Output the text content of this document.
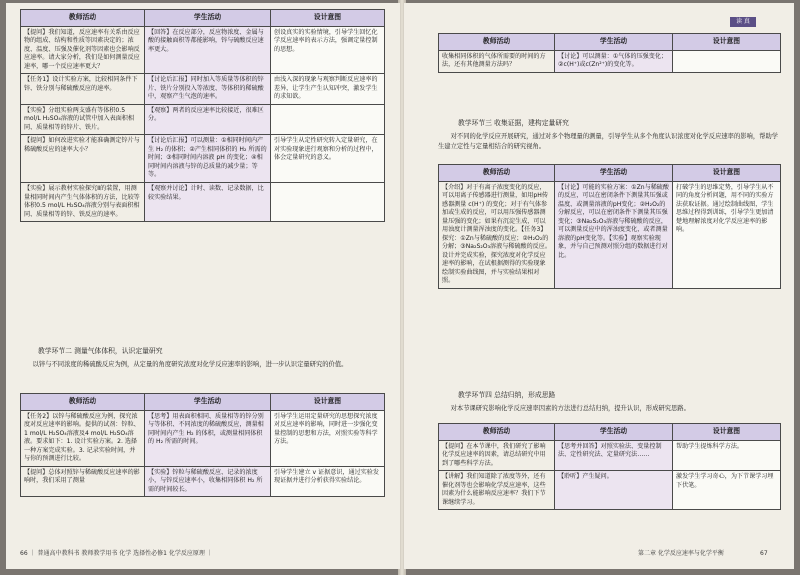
教师活动	学生活动	设计意图
【提问】我们知道，反应速率有关系由反应物的组成、结构和性质等因素决定的；浓度、温度、压强及催化剂等因素也会影响反应速率。请大家分析，我们是如何测量反应速率，哪一个反应速率更大？	【回答】在反应部分，反应物浓度、金属与酸的接触面积等都能影响，锌与硫酸反应速率更大。	创设真实的实验情境，引导学生回忆化学反应速率的表示方法，强调定量控制的思想。
【任务1】设计实验方案，比较相同条件下锌、铁分别与稀硫酸反应的速率。	【讨论后汇报】同时加入等质量等体积的锌片、铁片分别投入等浓度、等体积的稀硫酸中，观察产生气泡的速率。	由浅入深的现象与观察判断反应速率的差异，让学生产生认知冲突，激发学生的求知欲。
【实验】分组实验两支盛有等体积0.5 mol/L H₂SO₄溶液的试管中加入表面积相同、质量相等的锌片、铁片。	【观察】两者的反应速率比较接近，很难区分。	
【提问】如何改进实验才能准确测定锌片与稀硫酸反应的速率大小？	【讨论后汇报】可以测量：①相同时间内产生 H₂ 的体积；②产生相同体积的 H₂ 所需的时间；③相同时间内溶液 pH 的变化；④相同时间内溶液与锌的总质量的减少量；等等。	引导学生从定性研究转入定量研究，在对实验现象进行观察和分析的过程中，体会定量研究的意义。
【实验】展示教材实验探究Ⅱ的装置，用测量相同时间内产生气体体积的方法，比较等体积0.5 mol/L H₂SO₄溶液分别与表面积相同、质量相等的锌、铁反应的速率。	【观察并讨论】计时、读数、记录数据，比较实验结果。	
教学环节二 测量气体体积，认识定量研究
以锌与不同浓度的稀硫酸反应为例，从定量的角度研究浓度对化学反应速率的影响，进一步认识定量研究的价值。
教师活动	学生活动	设计意图
【任务2】以锌与稀硫酸反应为例，探究浓度对反应速率的影响。提供的试剂：锌粒、1 mol/L H₂SO₄溶液及4 mol/L H₂SO₄溶液。要求如下：1. 设计实验方案。2. 选择一种方案完成实验。3. 记录实验时间，并与你的预测进行比较。	【思考】用表面积相同、质量相等的锌分别与等体积、不同浓度的稀硫酸反应，测量相同时间内产生 H₂ 的体积，或测量相同体积的 H₂ 所需的时间。	引导学生运用定量研究的思想探究浓度对反应速率的影响，同时进一步强化变量控制的思想和方法，对照实验等科学方法。
【提问】总体对照锌与稀硫酸反应速率的影响时，我们采用了测量	【实验】锌粒与稀硫酸反应、记录的浓度小，与锌反应速率小，收集相同体积 H₂ 所需的时间较长。	引导学生建立 v 证据意识，通过实验发现证据并进行分析获得实验结论。
66 ｜ 普通高中教科书 教师教学用书 化学 选择性必修1 化学反应原理 ｜
读 真
教师活动	学生活动	设计意图
收集相同体积的气体所需要的时间的方法，还有其他测量方法吗？	【讨论】可以测量：①气体的压强变化；②c(H⁺)或c(Zn²⁺)的变化等。	
教学环节三 收集证据，建构定量研究
对不同的化学反应开展研究，通过对多个物理量的测量，引导学生从多个角度认识浓度对化学反应速率的影响，帮助学生建立定性与定量相结合的研究视角。
教师活动	学生活动	设计意图
【介绍】对于有离子浓度变化的反应，可以用离子传感器进行测量，如用pH传感器测量 c(H⁺) 的变化；对于有气体参加或生成的反应，可以用压强传感器测量压强的变化；如果有沉淀生成，可以用浊度计测量浑浊度的变化。【任务3】探究：①Zn与稀硫酸的反应；②H₂O₂的分解；③Na₂S₂O₃溶液与稀硫酸的反应。设计并完成实验，探究浓度对化学反应速率的影响，在试根据测得的实验现象绘制实验曲线图，并与实验结果相对照。	【讨论】可能的实验方案：①Zn与稀硫酸的反应，可以在密闭条件下测量其压强或温度、或测量溶液的pH变化；②H₂O₂的分解反应，可以在密闭条件下测量其压强变化；③Na₂S₂O₃溶液与稀硫酸的反应，可以测量反应中的浑浊度变化，或者测量溶液的pH变化等。【实验】观察实验现象，并与自己预测对照分组的数据进行对比。	打破学生的思维定势，引导学生从不同的角度分析问题，用不同的实验方法获取证据。通过绘制曲线图，学生思维过程得到训练，引导学生更加清楚地理解浓度对化学反应速率的影响。
教学环节四 总结归纳，形成思路
对本节课研究影响化学反应速率因素的方法进行总结归纳，提升认识，形成研究思路。
教师活动	学生活动	设计意图
【提问】在本节课中，我们研究了影响化学反应速率的因素，请总结研究中用到了哪些科学方法。	【思考并回答】对照实验法、变量控制法、定性研究法、定量研究法……	帮助学生提炼科学方法。
【讲解】我们知道除了浓度等外，还有催化剂等也会影响化学反应速率，这些因素为什么能影响反应速率？我们下节课继续学习。	【聆听】产生疑问。	激发学生学习奇心，为下节课学习埋下伏笔。
第二章 化学反应速率与化学平衡	67
